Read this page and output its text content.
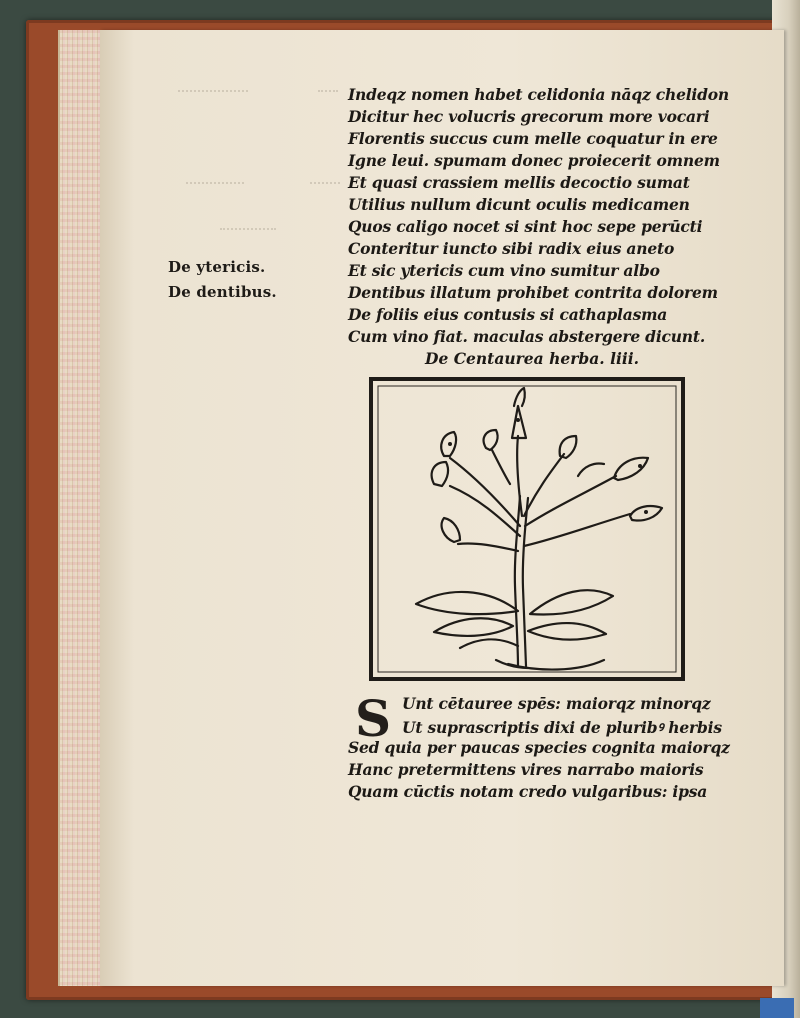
De ytericis.
De dentibus.
Indeqz nomen habet celidonia nāqz chelidon
Dicitur hec volucris grecorum more vocari
Florentis succus cum melle coquatur in ere
Igne leui. spumam donec proiecerit omnem
Et quasi crassiem mellis decoctio sumat
Utilius nullum dicunt oculis medicamen
Quos caligo nocet si sint hoc sepe perūcti
Conteritur iuncto sibi radix eius aneto
Et sic ytericis cum vino sumitur albo
Dentibus illatum prohibet contrita dolorem
De foliis eius contusis si cathaplasma
Cum vino fiat. maculas abstergere dicunt.
De Centaurea herba. liii.
S Unt cētauree spēs: maiorqz minorqz
Ut suprascriptis dixi de pluribꝰ herbis
Sed quia per paucas species cognita maiorqz
Hanc pretermittens vires narrabo maioris
Quam cūctis notam credo vulgaribus: ipsa
